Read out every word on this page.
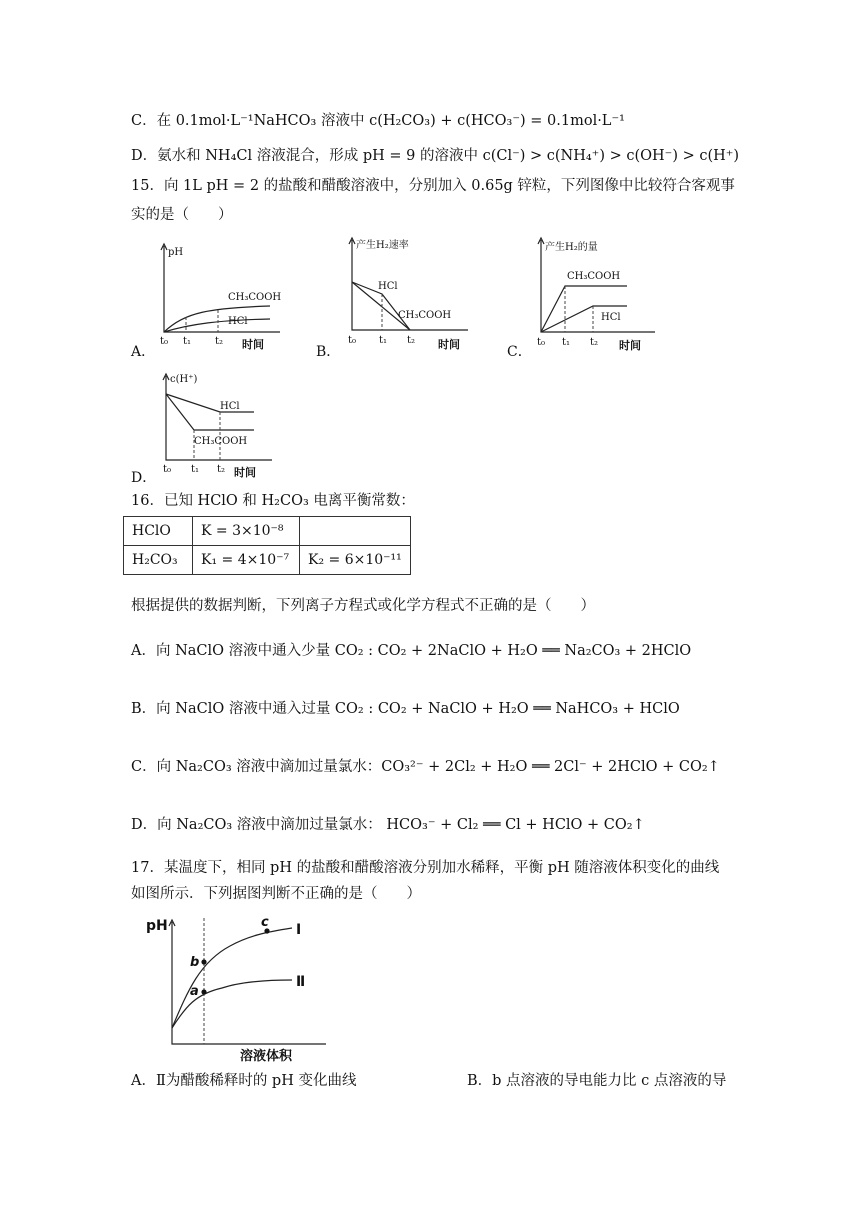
C．在 0.1mol·L⁻¹NaHCO₃ 溶液中 c(H₂CO₃) + c(HCO₃⁻) = 0.1mol·L⁻¹
D．氨水和 NH₄Cl 溶液混合，形成 pH = 9 的溶液中 c(Cl⁻) > c(NH₄⁺) > c(OH⁻) > c(H⁺)
15．向 1L pH = 2 的盐酸和醋酸溶液中，分别加入 0.65g 锌粒，下列图像中比较符合客观事
实的是（　　）
A．	B．	C．
D．
pH
CH₃COOH
HCl
t₀ t₁ t₂ 时间
产生H₂速率
HCl
CH₃COOH
t₀ t₁ t₂ 时间
产生H₂的量
CH₃COOH
HCl
t₀ t₁ t₂ 时间
c(H⁺)
HCl
CH₃COOH
t₀ t₁ t₂ 时间
16．已知 HClO 和 H₂CO₃ 电离平衡常数：
HClO	K = 3×10⁻⁸	
H₂CO₃	K₁ = 4×10⁻⁷	K₂ = 6×10⁻¹¹
根据提供的数据判断，下列离子方程式或化学方程式不正确的是（　　）
A．向 NaClO 溶液中通入少量 CO₂ : CO₂ + 2NaClO + H₂O ══ Na₂CO₃ + 2HClO
B．向 NaClO 溶液中通入过量 CO₂ : CO₂ + NaClO + H₂O ══ NaHCO₃ + HClO
C．向 Na₂CO₃ 溶液中滴加过量氯水：CO₃²⁻ + 2Cl₂ + H₂O ══ 2Cl⁻ + 2HClO + CO₂↑
D．向 Na₂CO₃ 溶液中滴加过量氯水： HCO₃⁻ + Cl₂ ══ Cl + HClO + CO₂↑
17．某温度下，相同 pH 的盐酸和醋酸溶液分别加水稀释，平衡 pH 随溶液体积变化的曲线
如图所示．下列据图判断不正确的是（　　）
pH
b
a
c Ⅰ
Ⅱ
溶液体积
A．Ⅱ为醋酸稀释时的 pH 变化曲线	B．b 点溶液的导电能力比 c 点溶液的导
